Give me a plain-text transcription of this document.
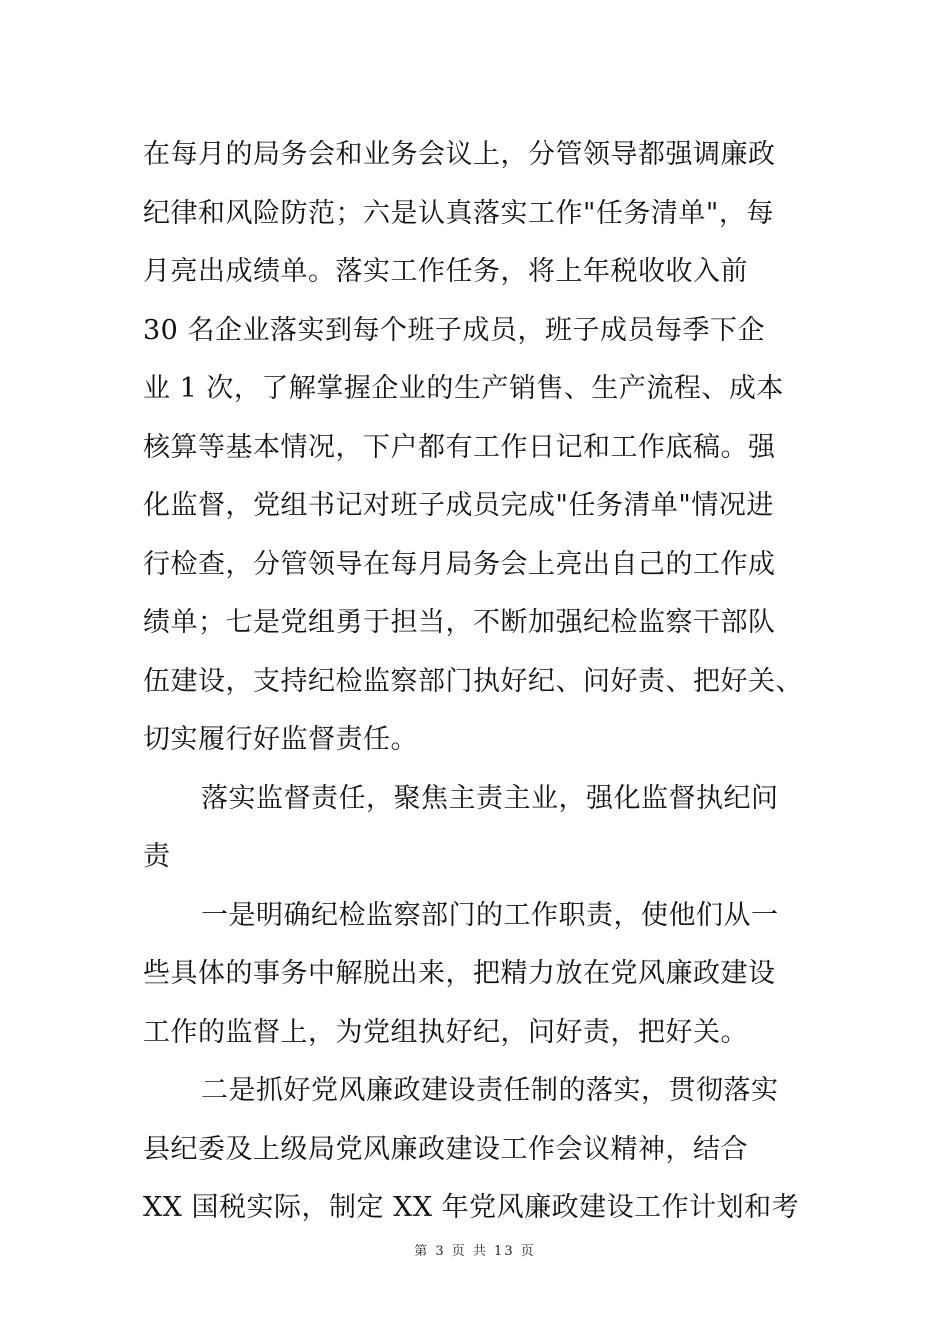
在每月的局务会和业务会议上，分管领导都强调廉政
纪律和风险防范；六是认真落实工作"任务清单"，每
月亮出成绩单。落实工作任务，将上年税收收入前
30 名企业落实到每个班子成员，班子成员每季下企
业 1 次，了解掌握企业的生产销售、生产流程、成本
核算等基本情况，下户都有工作日记和工作底稿。强
化监督，党组书记对班子成员完成"任务清单"情况进
行检查，分管领导在每月局务会上亮出自己的工作成
绩单；七是党组勇于担当，不断加强纪检监察干部队
伍建设，支持纪检监察部门执好纪、问好责、把好关、
切实履行好监督责任。
落实监督责任，聚焦主责主业，强化监督执纪问
责
一是明确纪检监察部门的工作职责，使他们从一
些具体的事务中解脱出来，把精力放在党风廉政建设
工作的监督上，为党组执好纪，问好责，把好关。
二是抓好党风廉政建设责任制的落实，贯彻落实
县纪委及上级局党风廉政建设工作会议精神，结合
XX 国税实际，制定 XX 年党风廉政建设工作计划和考
第 3 页 共 13 页
